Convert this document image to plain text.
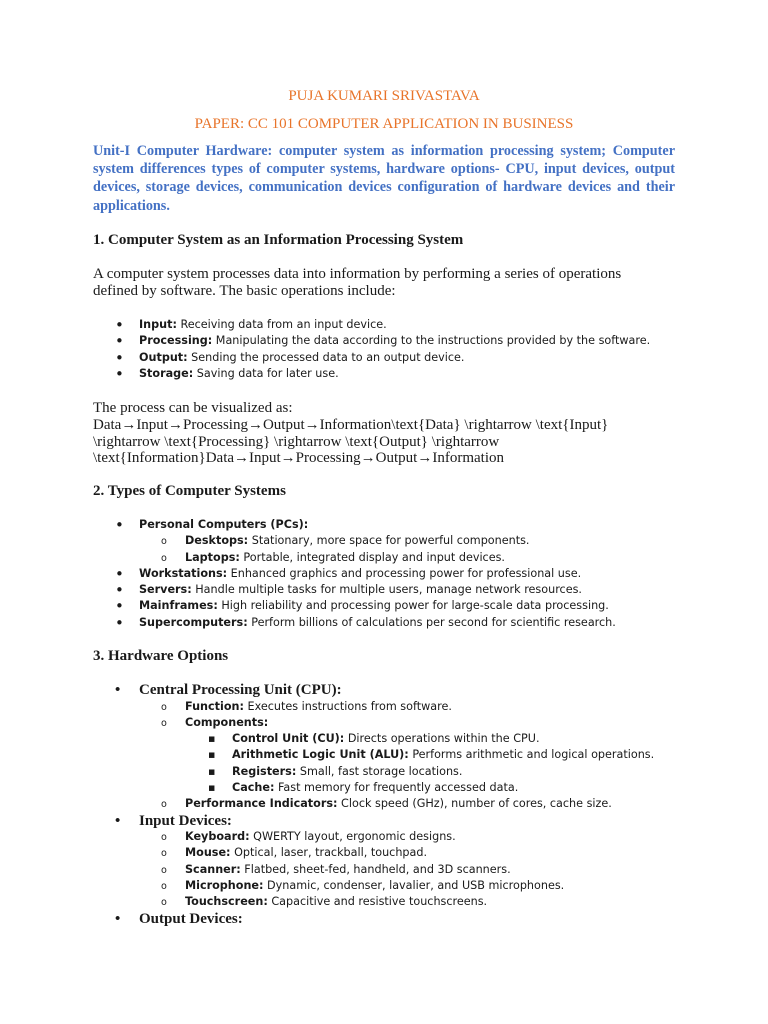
PUJA KUMARI SRIVASTAVA
PAPER: CC 101 COMPUTER APPLICATION IN BUSINESS
Unit-I Computer Hardware: computer system as information processing system; Computer system differences types of computer systems, hardware options- CPU, input devices, output devices, storage devices, communication devices configuration of hardware devices and their applications.
1. Computer System as an Information Processing System

A computer system processes data into information by performing a series of operations defined by software. The basic operations include:

•
Input: Receiving data from an input device.
•
Processing: Manipulating the data according to the instructions provided by the software.
•
Output: Sending the processed data to an output device.
•
Storage: Saving data for later use.

The process can be visualized as:
Data→Input→Processing→Output→Information\text{Data} \rightarrow \text{Input} \rightarrow \text{Processing} \rightarrow \text{Output} \rightarrow \text{Information}Data→Input→Processing→Output→Information

2. Types of Computer Systems
•
Personal Computers (PCs):
o
Desktops: Stationary, more space for powerful components.
o
Laptops: Portable, integrated display and input devices.
•
Workstations: Enhanced graphics and processing power for professional use.
•
Servers: Handle multiple tasks for multiple users, manage network resources.
•
Mainframes: High reliability and processing power for large-scale data processing.
•
Supercomputers: Perform billions of calculations per second for scientific research.
3. Hardware Options
•
Central Processing Unit (CPU):
o
Function: Executes instructions from software.
o
Components:
▪
Control Unit (CU): Directs operations within the CPU.
▪
Arithmetic Logic Unit (ALU): Performs arithmetic and logical operations.
▪
Registers: Small, fast storage locations.
▪
Cache: Fast memory for frequently accessed data.
o
Performance Indicators: Clock speed (GHz), number of cores, cache size.
•
Input Devices:
o
Keyboard: QWERTY layout, ergonomic designs.
o
Mouse: Optical, laser, trackball, touchpad.
o
Scanner: Flatbed, sheet-fed, handheld, and 3D scanners.
o
Microphone: Dynamic, condenser, lavalier, and USB microphones.
o
Touchscreen: Capacitive and resistive touchscreens.
•
Output Devices:
